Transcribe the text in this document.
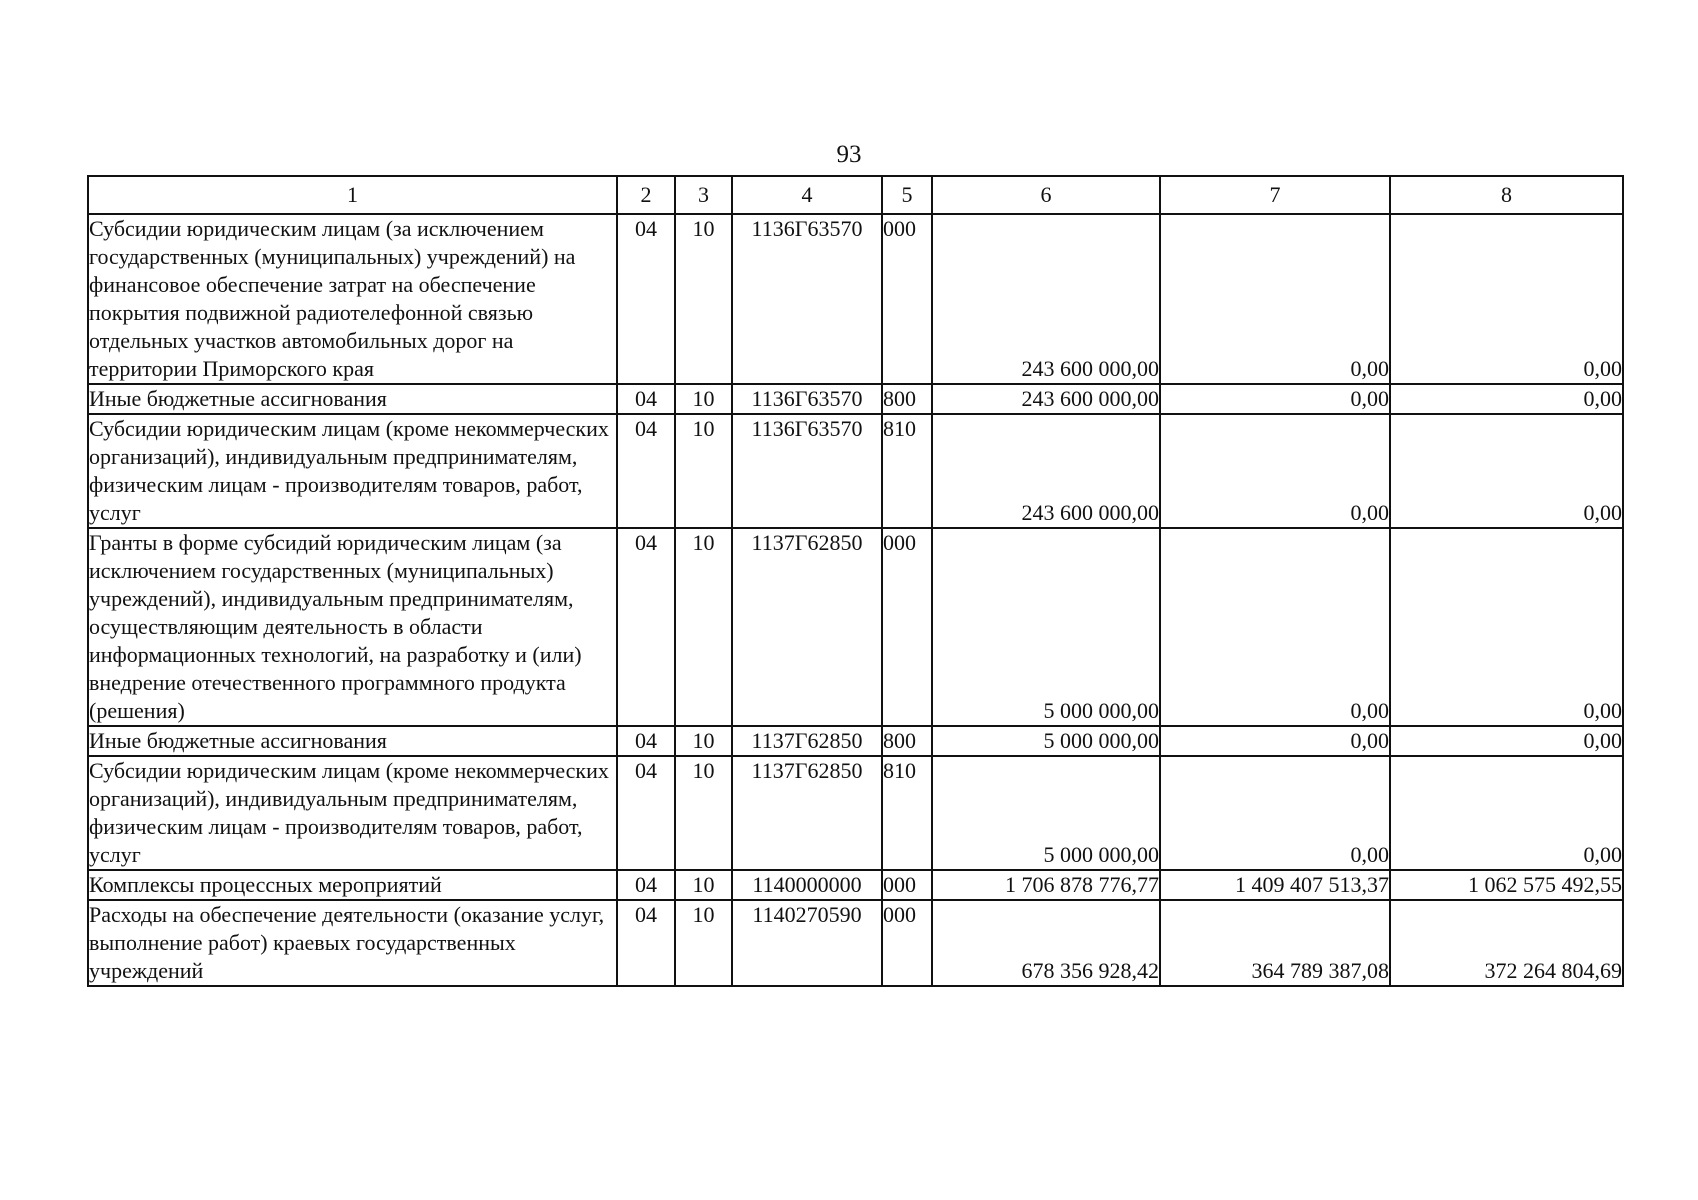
93
1	2	3	4	5	6	7	8
Субсидии юридическим лицам (за исключением государственных (муниципальных) учреждений) на финансовое обеспечение затрат на обеспечение покрытия подвижной радиотелефонной связью отдельных участков автомобильных дорог на территории Приморского края	04	10	1136Г63570	000	243 600 000,00	0,00	0,00
Иные бюджетные ассигнования	04	10	1136Г63570	800	243 600 000,00	0,00	0,00
Субсидии юридическим лицам (кроме некоммерческих организаций), индивидуальным предпринимателям, физическим лицам - производителям товаров, работ, услуг	04	10	1136Г63570	810	243 600 000,00	0,00	0,00
Гранты в форме субсидий юридическим лицам (за исключением государственных (муниципальных) учреждений), индивидуальным предпринимателям, осуществляющим деятельность в области информационных технологий, на разработку и (или) внедрение отечественного программного продукта (решения)	04	10	1137Г62850	000	5 000 000,00	0,00	0,00
Иные бюджетные ассигнования	04	10	1137Г62850	800	5 000 000,00	0,00	0,00
Субсидии юридическим лицам (кроме некоммерческих организаций), индивидуальным предпринимателям, физическим лицам - производителям товаров, работ, услуг	04	10	1137Г62850	810	5 000 000,00	0,00	0,00
Комплексы процессных мероприятий	04	10	1140000000	000	1 706 878 776,77	1 409 407 513,37	1 062 575 492,55
Расходы на обеспечение деятельности (оказание услуг, выполнение работ) краевых государственных учреждений	04	10	1140270590	000	678 356 928,42	364 789 387,08	372 264 804,69
